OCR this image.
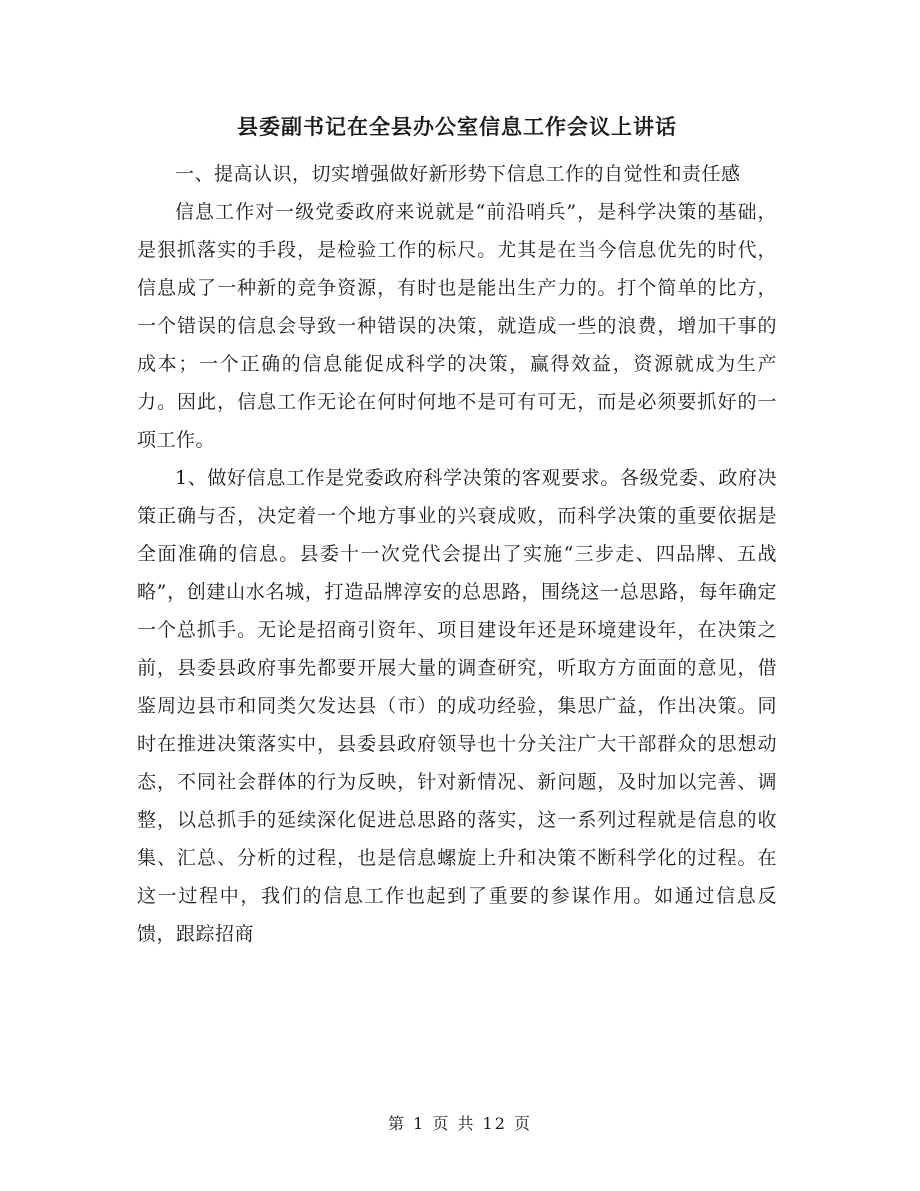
县委副书记在全县办公室信息工作会议上讲话

一、提高认识，切实增强做好新形势下信息工作的自觉性和责任感

信息工作对一级党委政府来说就是“前沿哨兵”，是科学决策的基础，是狠抓落实的手段，是检验工作的标尺。尤其是在当今信息优先的时代，信息成了一种新的竞争资源，有时也是能出生产力的。打个简单的比方，一个错误的信息会导致一种错误的决策，就造成一些的浪费，增加干事的成本；一个正确的信息能促成科学的决策，赢得效益，资源就成为生产力。因此，信息工作无论在何时何地不是可有可无，而是必须要抓好的一项工作。

1、做好信息工作是党委政府科学决策的客观要求。各级党委、政府决策正确与否，决定着一个地方事业的兴衰成败，而科学决策的重要依据是全面准确的信息。县委十一次党代会提出了实施“三步走、四品牌、五战略”，创建山水名城，打造品牌淳安的总思路，围绕这一总思路，每年确定一个总抓手。无论是招商引资年、项目建设年还是环境建设年，在决策之前，县委县政府事先都要开展大量的调查研究，听取方方面面的意见，借鉴周边县市和同类欠发达县（市）的成功经验，集思广益，作出决策。同时在推进决策落实中，县委县政府领导也十分关注广大干部群众的思想动态，不同社会群体的行为反映，针对新情况、新问题，及时加以完善、调整，以总抓手的延续深化促进总思路的落实，这一系列过程就是信息的收集、汇总、分析的过程，也是信息螺旋上升和决策不断科学化的过程。在这一过程中，我们的信息工作也起到了重要的参谋作用。如通过信息反馈，跟踪招商

第 1 页 共 12 页
